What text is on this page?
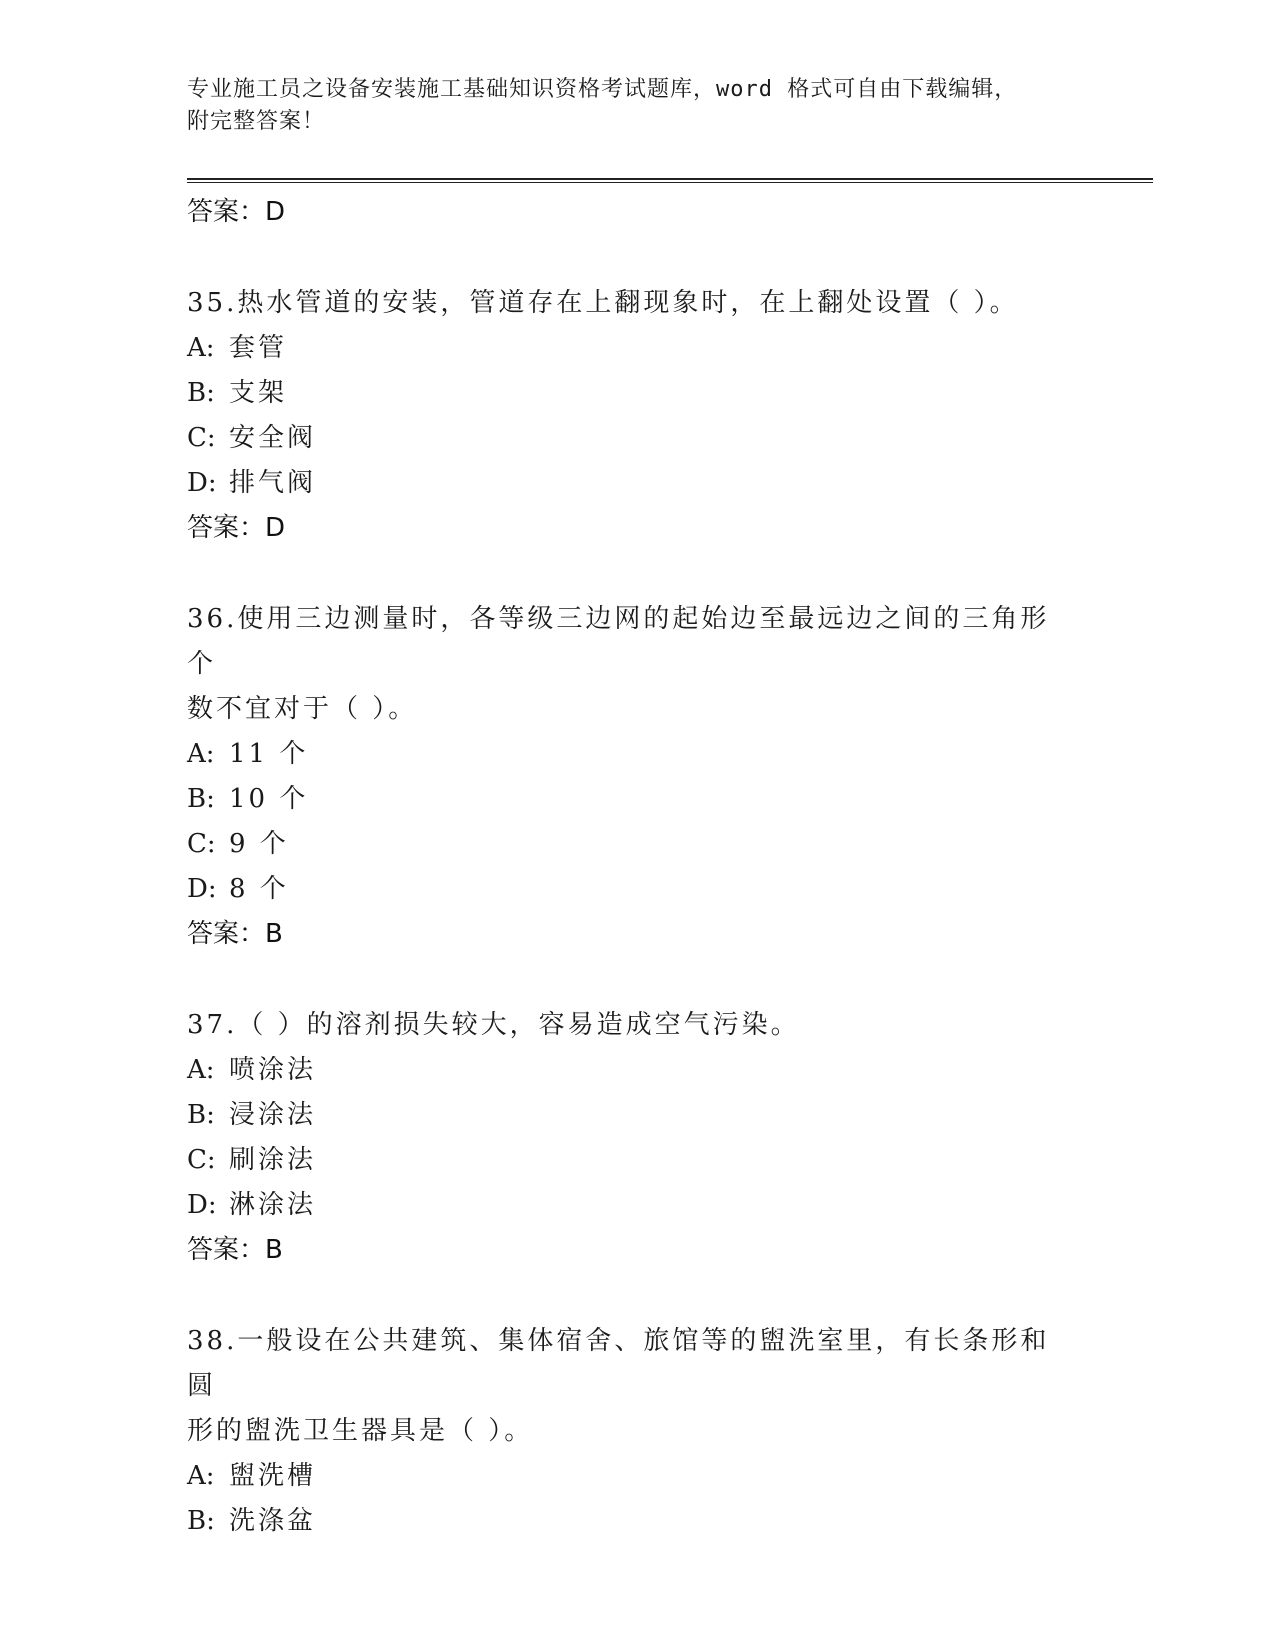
专业施工员之设备安装施工基础知识资格考试题库，word 格式可自由下载编辑，
附完整答案！
答案：D
35.热水管道的安装，管道存在上翻现象时，在上翻处设置（ ）。
A: 套管
B: 支架
C: 安全阀
D: 排气阀
答案：D
36.使用三边测量时，各等级三边网的起始边至最远边之间的三角形个
数不宜对于（ ）。
A: 11 个
B: 10 个
C: 9 个
D: 8 个
答案：B
37.（ ）的溶剂损失较大，容易造成空气污染。
A: 喷涂法
B: 浸涂法
C: 刷涂法
D: 淋涂法
答案：B
38.一般设在公共建筑、集体宿舍、旅馆等的盥洗室里，有长条形和圆
形的盥洗卫生器具是（ ）。
A: 盥洗槽
B: 洗涤盆
